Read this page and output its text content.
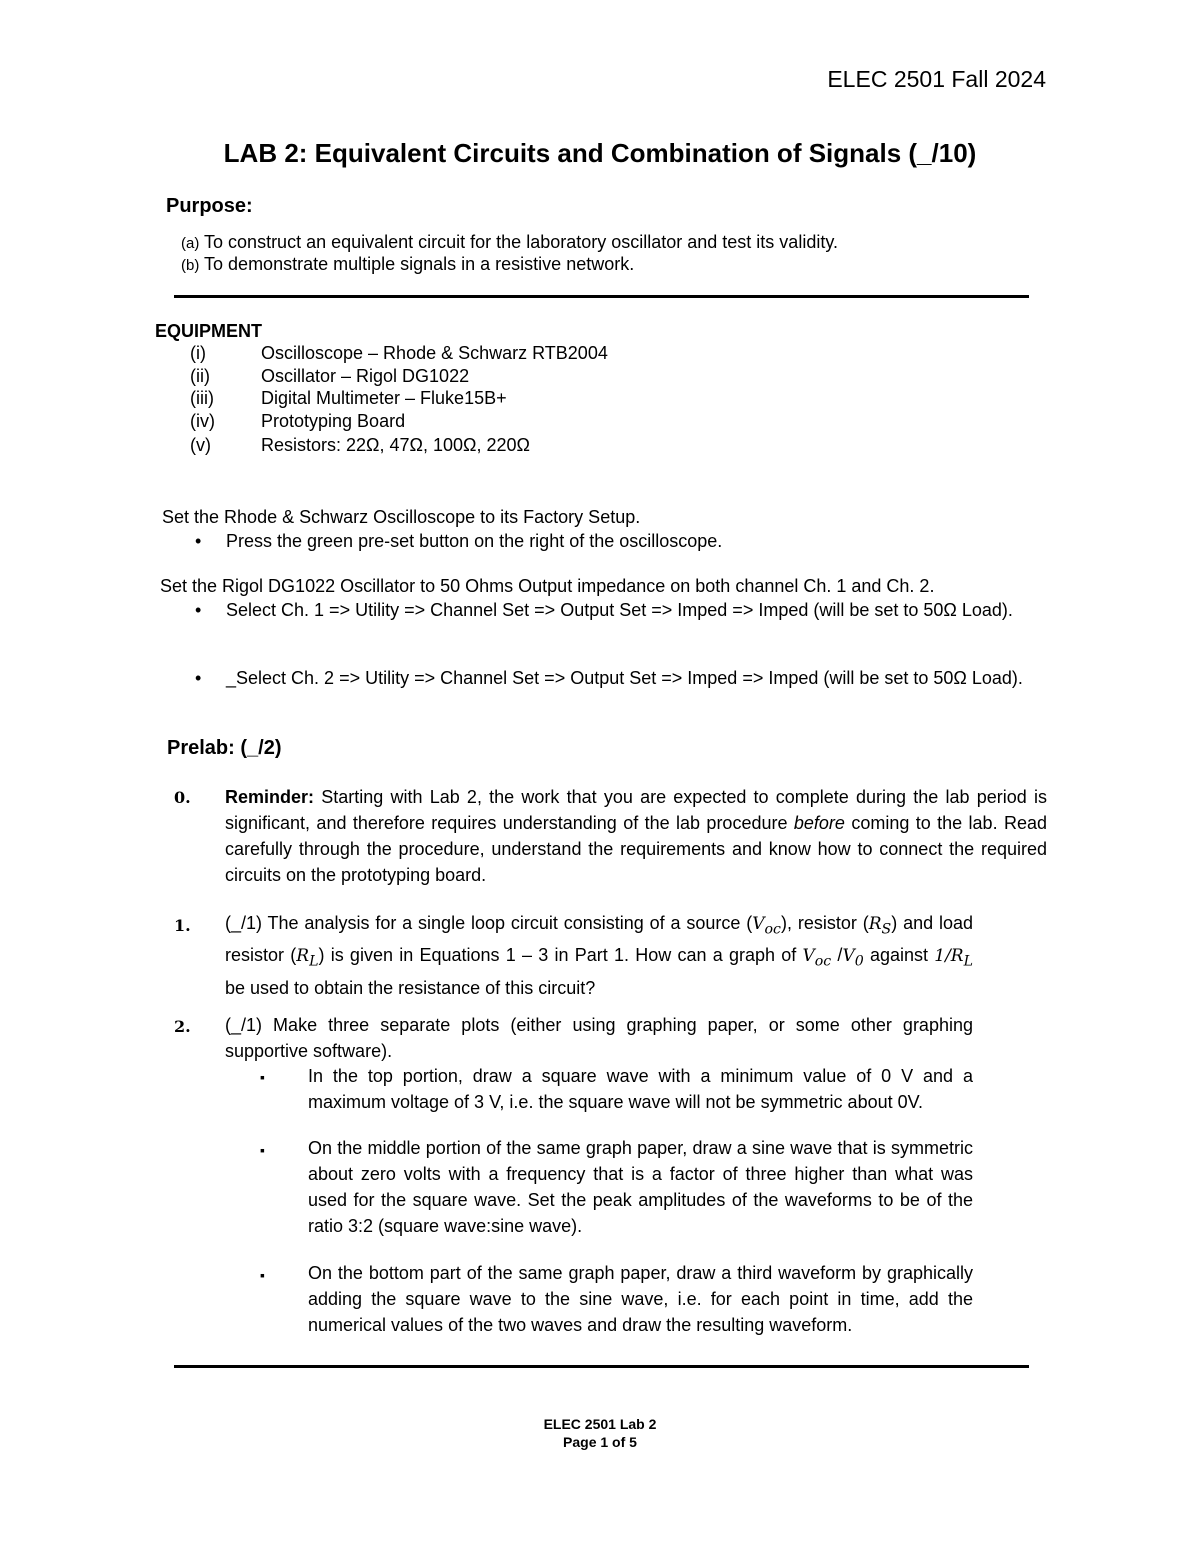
ELEC 2501 Fall 2024
LAB 2: Equivalent Circuits and Combination of Signals (_/10)
Purpose:
(a) To construct an equivalent circuit for the laboratory oscillator and test its validity.
(b) To demonstrate multiple signals in a resistive network.
EQUIPMENT
(i)	Oscilloscope – Rhode & Schwarz RTB2004
(ii)	Oscillator – Rigol DG1022
(iii)	Digital Multimeter – Fluke15B+
(iv)	Prototyping Board
(v)	Resistors: 22Ω, 47Ω, 100Ω, 220Ω
Set the Rhode & Schwarz Oscilloscope to its Factory Setup.
• Press the green pre-set button on the right of the oscilloscope.
Set the Rigol DG1022 Oscillator to 50 Ohms Output impedance on both channel Ch. 1 and Ch. 2.
• Select Ch. 1 => Utility => Channel Set => Output Set => Imped => Imped (will be set to 50Ω Load).
• _Select Ch. 2 => Utility => Channel Set => Output Set => Imped => Imped (will be set to 50Ω Load).
Prelab: (_/2)
0. Reminder: Starting with Lab 2, the work that you are expected to complete during the lab period is significant, and therefore requires understanding of the lab procedure before coming to the lab. Read carefully through the procedure, understand the requirements and know how to connect the required circuits on the prototyping board.
1. (_/1) The analysis for a single loop circuit consisting of a source $(V_{oc})$, resistor $(R_S)$ and load resistor $(R_L)$ is given in Equations 1 – 3 in Part 1. How can a graph of $V_{oc}$ $/V_0$ against $1/R_L$ be used to obtain the resistance of this circuit?
2. (_/1) Make three separate plots (either using graphing paper, or some other graphing supportive software).
▪ In the top portion, draw a square wave with a minimum value of 0 V and a maximum voltage of 3 V, i.e. the square wave will not be symmetric about 0V.
▪ On the middle portion of the same graph paper, draw a sine wave that is symmetric about zero volts with a frequency that is a factor of three higher than what was used for the square wave. Set the peak amplitudes of the waveforms to be of the ratio 3:2 (square wave:sine wave).
▪ On the bottom part of the same graph paper, draw a third waveform by graphically adding the square wave to the sine wave, i.e. for each point in time, add the numerical values of the two waves and draw the resulting waveform.
ELEC 2501 Lab 2
Page 1 of 5
